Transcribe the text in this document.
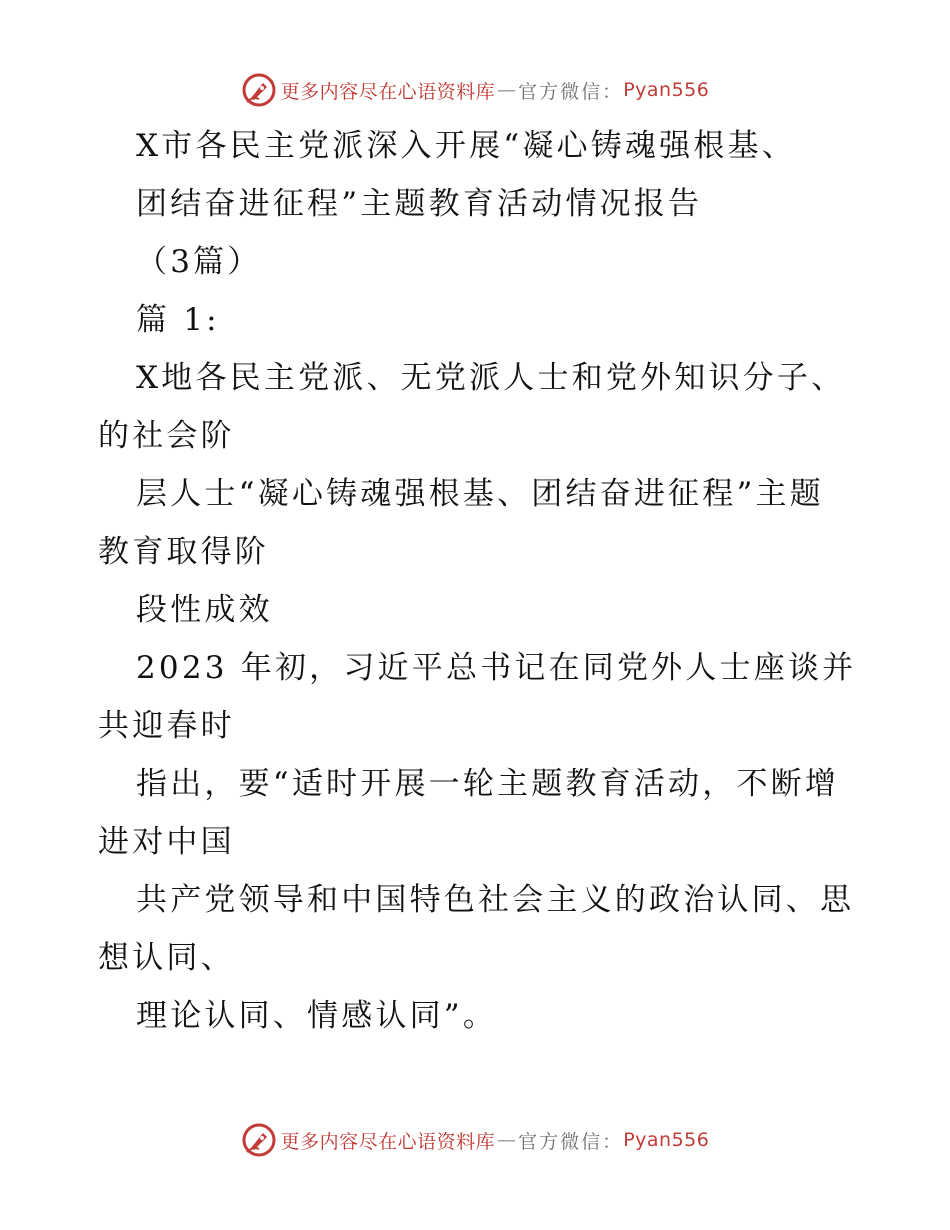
更多内容尽在心语资料库 — 官方微信： Pyan556
X市各民主党派深入开展“凝心铸魂强根基、
团结奋进征程”主题教育活动情况报告
（3篇）
篇 1:
X地各民主党派、无党派人士和党外知识分子、
的社会阶
层人士“凝心铸魂强根基、团结奋进征程”主题
教育取得阶
段性成效
2023 年初，习近平总书记在同党外人士座谈并
共迎春时
指出，要“适时开展一轮主题教育活动，不断增
进对中国
共产党领导和中国特色社会主义的政治认同、思
想认同、
理论认同、情感认同”。
更多内容尽在心语资料库 — 官方微信： Pyan556
